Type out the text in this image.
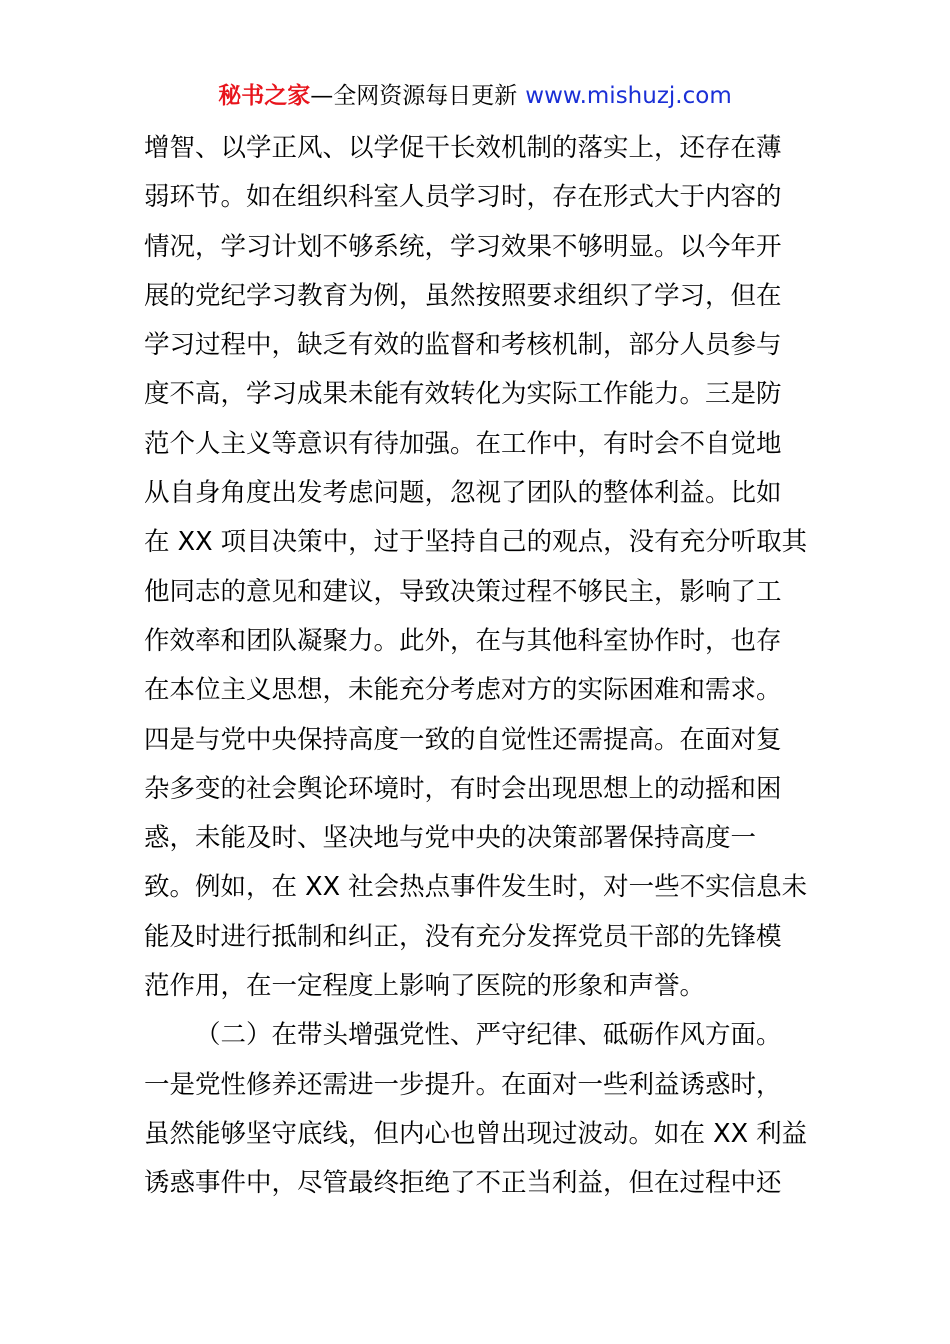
秘书之家—全网资源每日更新 www.mishuzj.com
增智、以学正风、以学促干长效机制的落实上，还存在薄
弱环节。如在组织科室人员学习时，存在形式大于内容的
情况，学习计划不够系统，学习效果不够明显。以今年开
展的党纪学习教育为例，虽然按照要求组织了学习，但在
学习过程中，缺乏有效的监督和考核机制，部分人员参与
度不高，学习成果未能有效转化为实际工作能力。三是防
范个人主义等意识有待加强。在工作中，有时会不自觉地
从自身角度出发考虑问题，忽视了团队的整体利益。比如
在 XX 项目决策中，过于坚持自己的观点，没有充分听取其
他同志的意见和建议，导致决策过程不够民主，影响了工
作效率和团队凝聚力。此外，在与其他科室协作时，也存
在本位主义思想，未能充分考虑对方的实际困难和需求。
四是与党中央保持高度一致的自觉性还需提高。在面对复
杂多变的社会舆论环境时，有时会出现思想上的动摇和困
惑，未能及时、坚决地与党中央的决策部署保持高度一
致。例如，在 XX 社会热点事件发生时，对一些不实信息未
能及时进行抵制和纠正，没有充分发挥党员干部的先锋模
范作用，在一定程度上影响了医院的形象和声誉。
（二）在带头增强党性、严守纪律、砥砺作风方面。
一是党性修养还需进一步提升。在面对一些利益诱惑时，
虽然能够坚守底线，但内心也曾出现过波动。如在 XX 利益
诱惑事件中，尽管最终拒绝了不正当利益，但在过程中还
